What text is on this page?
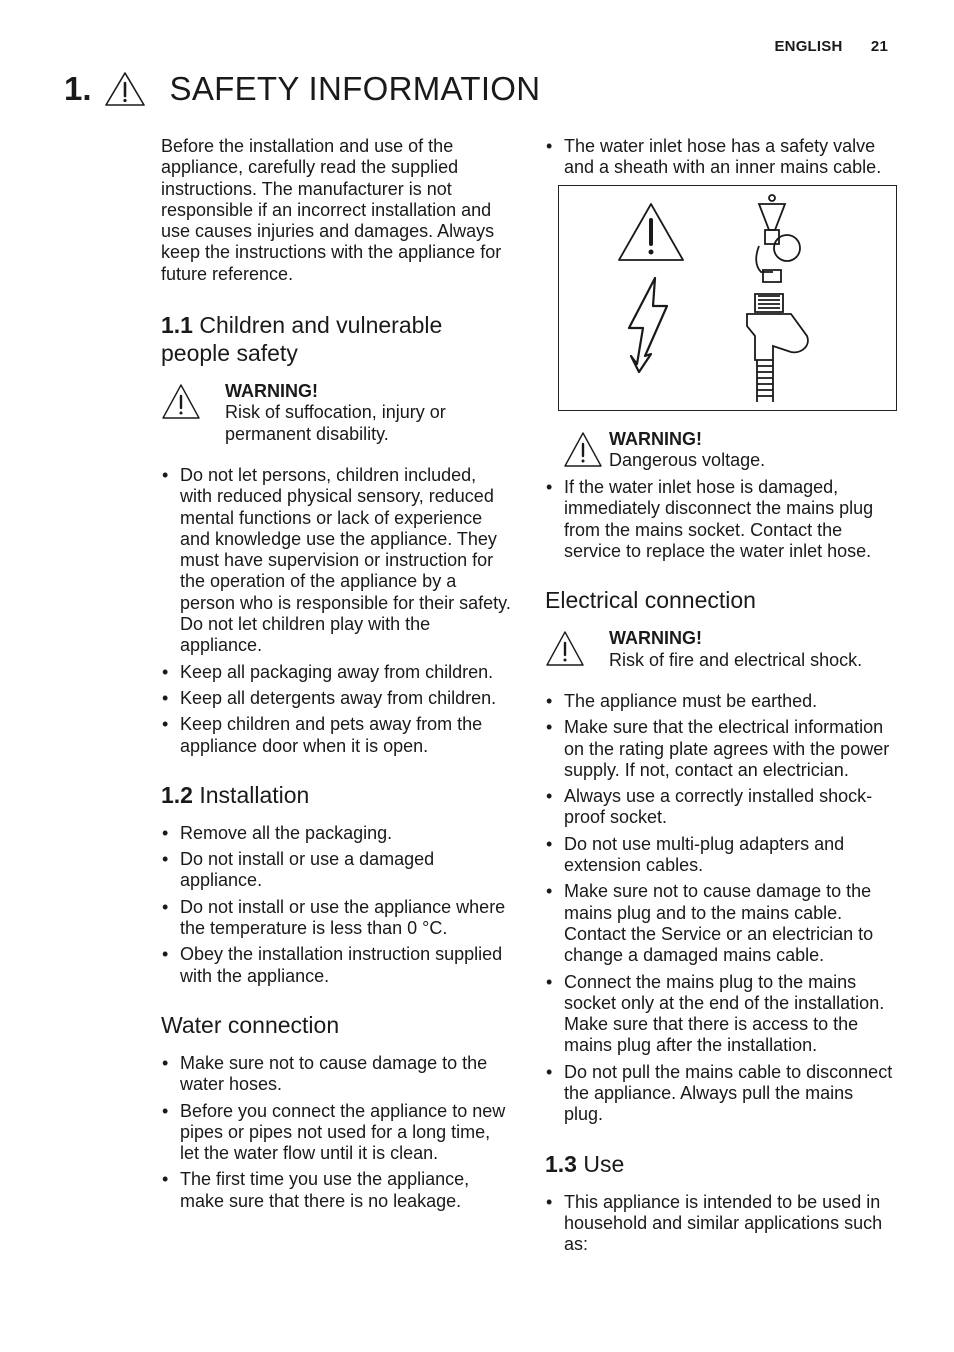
ENGLISH 21
1. SAFETY INFORMATION

Before the installation and use of the appliance, carefully read the supplied instructions. The manufacturer is not responsible if an incorrect installation and use causes injuries and damages. Always keep the instructions with the appliance for future reference.

1.1 Children and vulnerable people safety
WARNING!
Risk of suffocation, injury or permanent disability.
• Do not let persons, children included, with reduced physical sensory, reduced mental functions or lack of experience and knowledge use the appliance. They must have supervision or instruction for the operation of the appliance by a person who is responsible for their safety. Do not let children play with the appliance.
• Keep all packaging away from children.
• Keep all detergents away from children.
• Keep children and pets away from the appliance door when it is open.
1.2 Installation
• Remove all the packaging.
• Do not install or use a damaged appliance.
• Do not install or use the appliance where the temperature is less than 0 °C.
• Obey the installation instruction supplied with the appliance.
Water connection
• Make sure not to cause damage to the water hoses.
• Before you connect the appliance to new pipes or pipes not used for a long time, let the water flow until it is clean.
• The first time you use the appliance, make sure that there is no leakage.
• The water inlet hose has a safety valve and a sheath with an inner mains cable.
WARNING!
Dangerous voltage.
• If the water inlet hose is damaged, immediately disconnect the mains plug from the mains socket. Contact the service to replace the water inlet hose.
Electrical connection
WARNING!
Risk of fire and electrical shock.
• The appliance must be earthed.
• Make sure that the electrical information on the rating plate agrees with the power supply. If not, contact an electrician.
• Always use a correctly installed shock-proof socket.
• Do not use multi-plug adapters and extension cables.
• Make sure not to cause damage to the mains plug and to the mains cable. Contact the Service or an electrician to change a damaged mains cable.
• Connect the mains plug to the mains socket only at the end of the installation. Make sure that there is access to the mains plug after the installation.
• Do not pull the mains cable to disconnect the appliance. Always pull the mains plug.
1.3 Use
• This appliance is intended to be used in household and similar applications such as:
